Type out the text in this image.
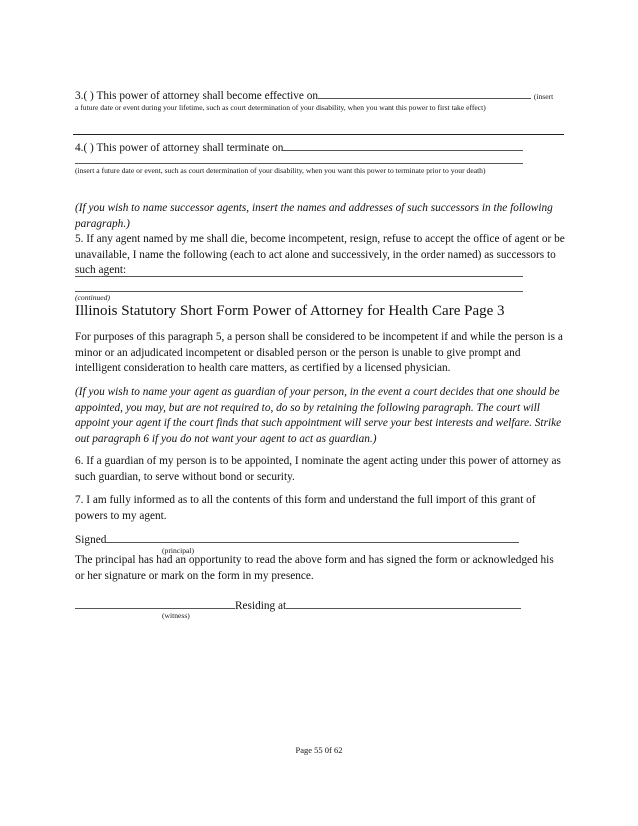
3.( ) This power of attorney shall become effective on	(insert
a future date or event during your lifetime, such as court determination of your disability, when you want this power to first take effect)
4.( ) This power of attorney shall terminate on
(insert a future date or event, such as court determination of your disability, when you want this power to terminate prior to your death)
(If you wish to name successor agents, insert the names and addresses of such successors in the following paragraph.)
5. If any agent named by me shall die, become incompetent, resign, refuse to accept the office of agent or be unavailable, I name the following (each to act alone and successively, in the order named) as successors to such agent:
(continued)
Illinois Statutory Short Form Power of Attorney for Health Care Page 3
For purposes of this paragraph 5, a person shall be considered to be incompetent if and while the person is a minor or an adjudicated incompetent or disabled person or the person is unable to give prompt and intelligent consideration to health care matters, as certified by a licensed physician.
(If you wish to name your agent as guardian of your person, in the event a court decides that one should be appointed, you may, but are not required to, do so by retaining the following paragraph. The court will appoint your agent if the court finds that such appointment will serve your best interests and welfare. Strike out paragraph 6 if you do not want your agent to act as guardian.)
6. If a guardian of my person is to be appointed, I nominate the agent acting under this power of attorney as such guardian, to serve without bond or security.
7. I am fully informed as to all the contents of this form and understand the full import of this grant of powers to my agent.
Signed
(principal)
The principal has had an opportunity to read the above form and has signed the form or acknowledged his or her signature or mark on the form in my presence.
Residing at
(witness)
Page 55 0f 62
